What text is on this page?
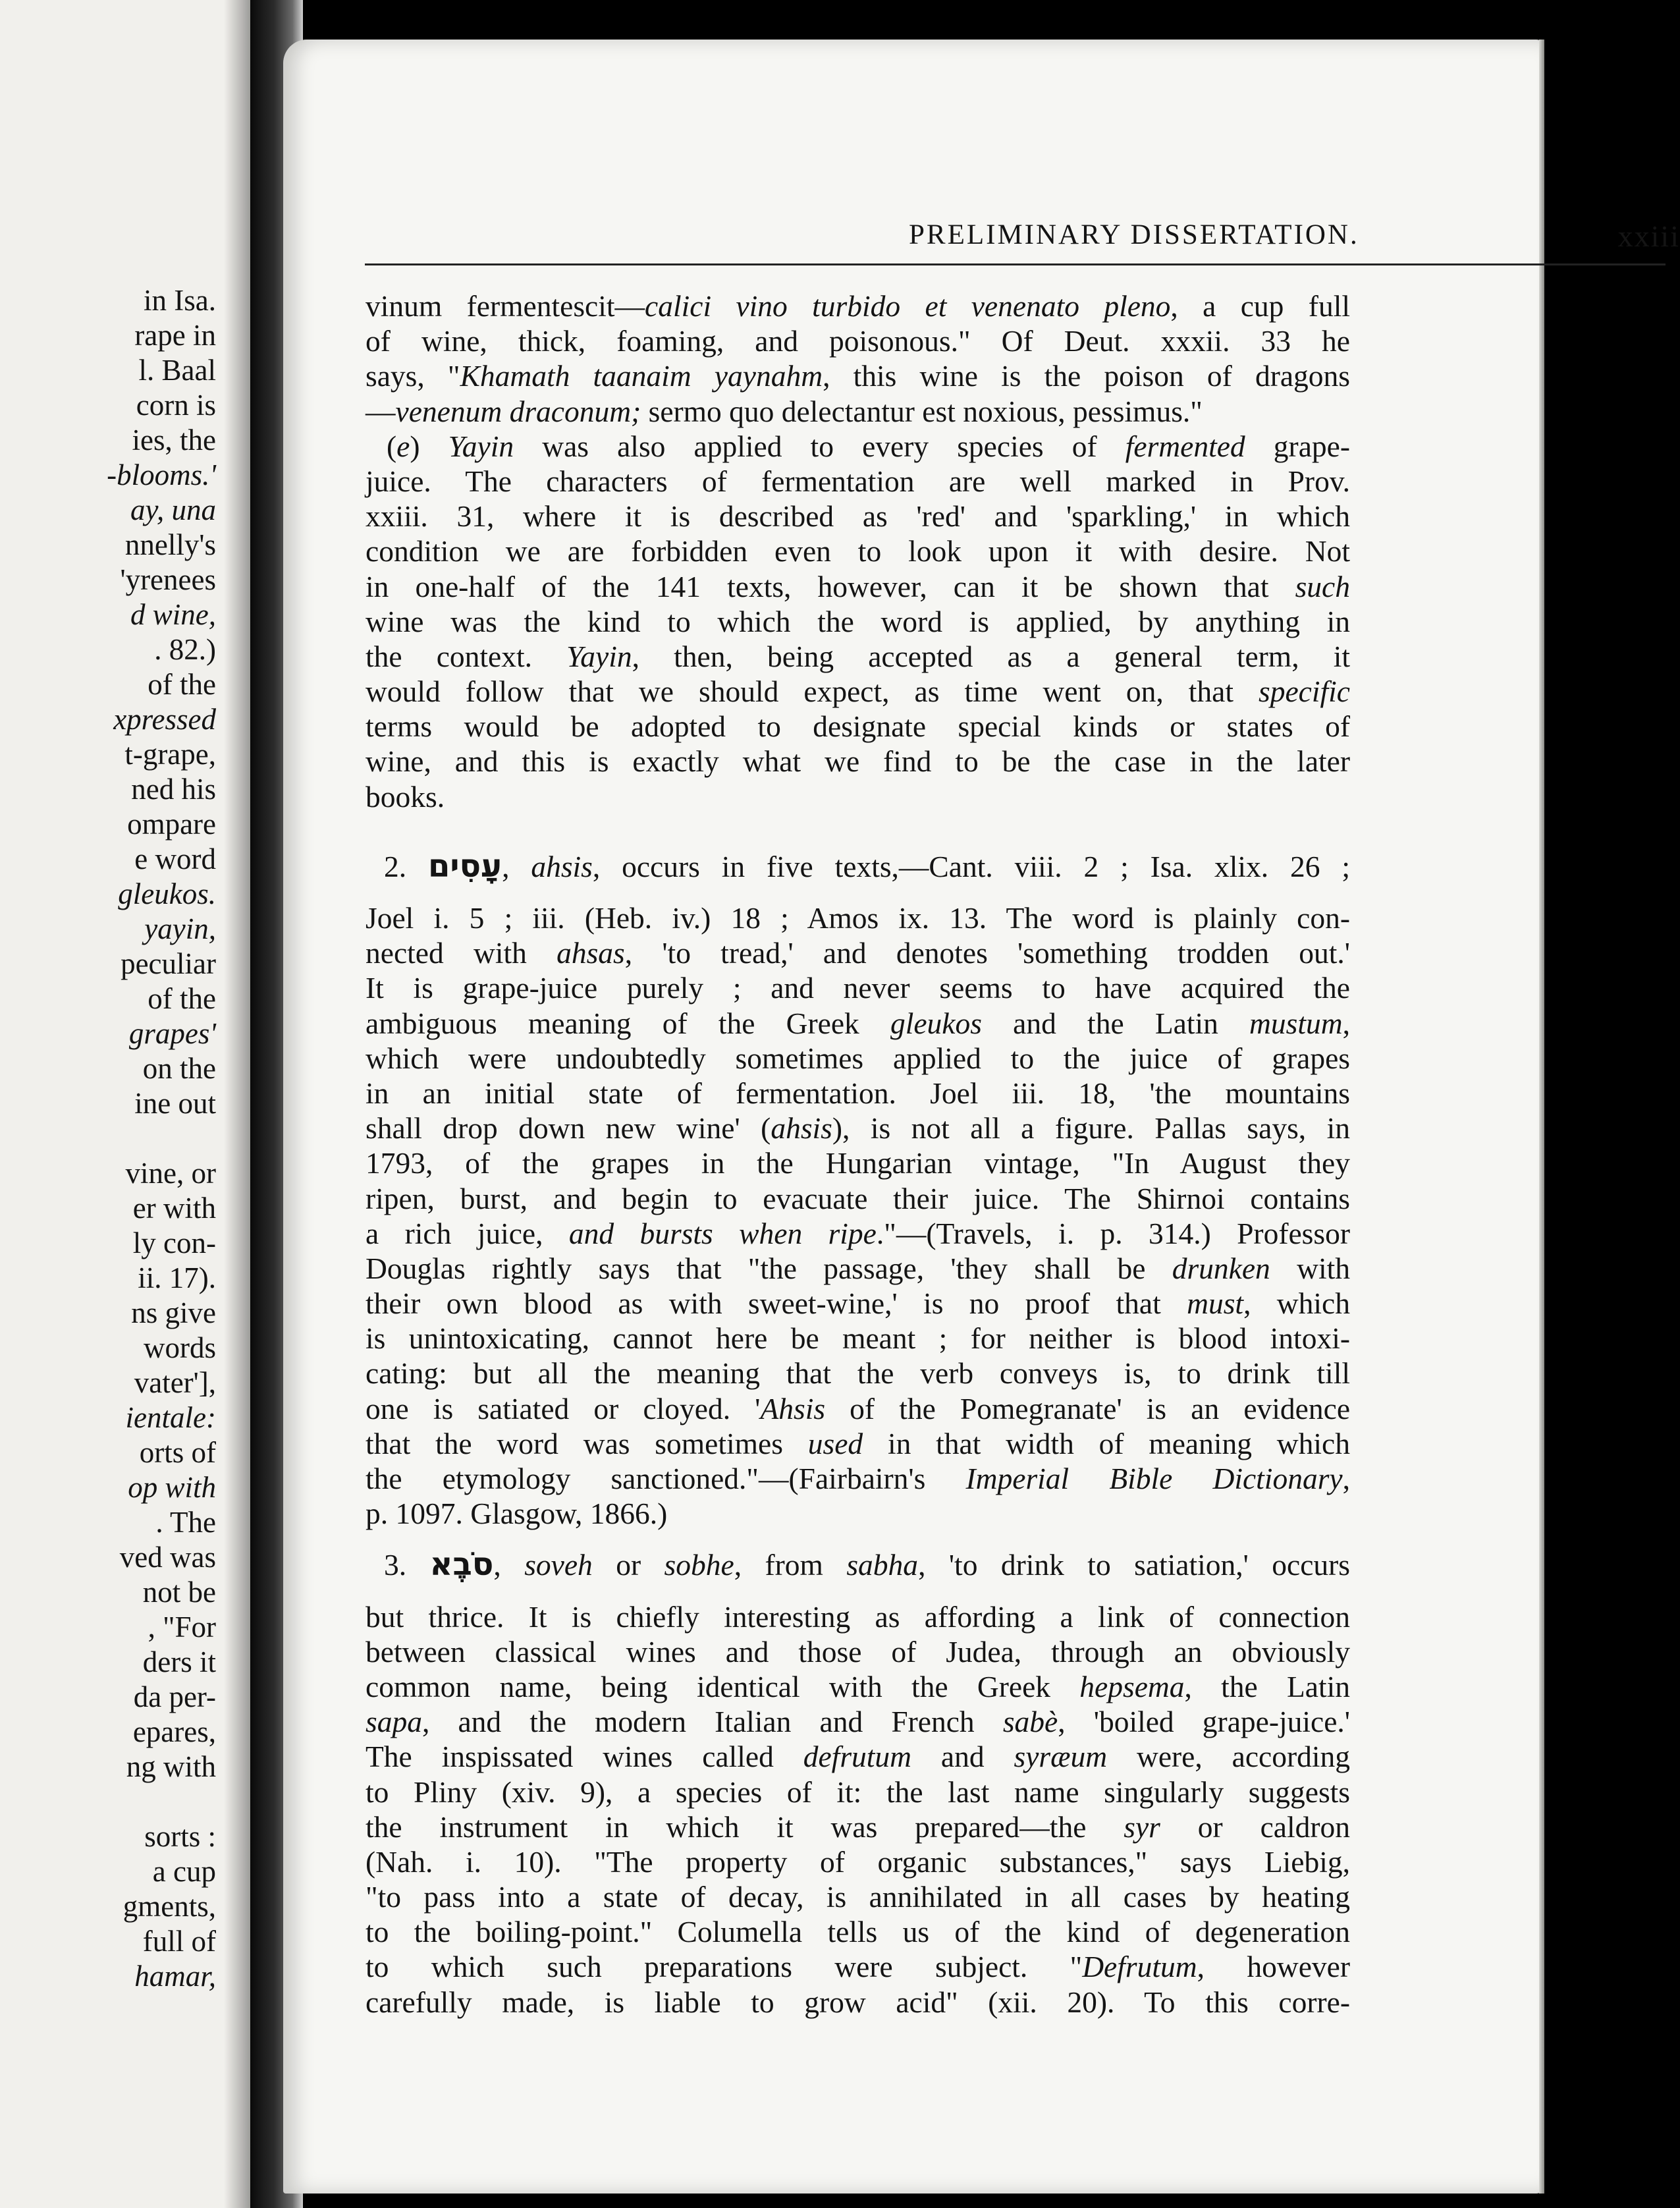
in Isa.
rape in
l. Baal
corn is
ies, the
-blooms.'
ay, una
nnelly's
'yrenees
d wine,
. 82.)
of the
xpressed
t-grape,
ned his
ompare
e word
gleukos.
yayin,
peculiar
of the
grapes'
on the
ine out
vine, or
er with
ly con-
ii. 17).
ns give
words
vater'],
ientale:
orts of
op with
. The
ved was
not be
, "For
ders it
da per-
epares,
ng with
sorts :
a cup
gments,
full of
hamar,
PRELIMINARY DISSERTATION.	xxiii
vinum fermentescit—calici vino turbido et venenato pleno, a cup full
of wine, thick, foaming, and poisonous." Of Deut. xxxii. 33 he
says, "Khamath taanaim yaynahm, this wine is the poison of dragons
—venenum draconum; sermo quo delectantur est noxious, pessimus."
(e) Yayin was also applied to every species of fermented grape-
juice. The characters of fermentation are well marked in Prov.
xxiii. 31, where it is described as 'red' and 'sparkling,' in which
condition we are forbidden even to look upon it with desire. Not
in one-half of the 141 texts, however, can it be shown that such
wine was the kind to which the word is applied, by anything in
the context. Yayin, then, being accepted as a general term, it
would follow that we should expect, as time went on, that specific
terms would be adopted to designate special kinds or states of
wine, and this is exactly what we find to be the case in the later
books.
2. עָסִים, ahsis, occurs in five texts,—Cant. viii. 2 ; Isa. xlix. 26 ;
Joel i. 5 ; iii. (Heb. iv.) 18 ; Amos ix. 13. The word is plainly con-
nected with ahsas, 'to tread,' and denotes 'something trodden out.'
It is grape-juice purely ; and never seems to have acquired the
ambiguous meaning of the Greek gleukos and the Latin mustum,
which were undoubtedly sometimes applied to the juice of grapes
in an initial state of fermentation. Joel iii. 18, 'the mountains
shall drop down new wine' (ahsis), is not all a figure. Pallas says, in
1793, of the grapes in the Hungarian vintage, "In August they
ripen, burst, and begin to evacuate their juice. The Shirnoi contains
a rich juice, and bursts when ripe."—(Travels, i. p. 314.) Professor
Douglas rightly says that "the passage, 'they shall be drunken with
their own blood as with sweet-wine,' is no proof that must, which
is unintoxicating, cannot here be meant ; for neither is blood intoxi-
cating: but all the meaning that the verb conveys is, to drink till
one is satiated or cloyed. 'Ahsis of the Pomegranate' is an evidence
that the word was sometimes used in that width of meaning which
the etymology sanctioned."—(Fairbairn's Imperial Bible Dictionary,
p. 1097. Glasgow, 1866.)
3. סֹבֶא, soveh or sobhe, from sabha, 'to drink to satiation,' occurs
but thrice. It is chiefly interesting as affording a link of connection
between classical wines and those of Judea, through an obviously
common name, being identical with the Greek hepsema, the Latin
sapa, and the modern Italian and French sabè, 'boiled grape-juice.'
The inspissated wines called defrutum and syræum were, according
to Pliny (xiv. 9), a species of it: the last name singularly suggests
the instrument in which it was prepared—the syr or caldron
(Nah. i. 10). "The property of organic substances," says Liebig,
"to pass into a state of decay, is annihilated in all cases by heating
to the boiling-point." Columella tells us of the kind of degeneration
to which such preparations were subject. "Defrutum, however
carefully made, is liable to grow acid" (xii. 20). To this corre-
